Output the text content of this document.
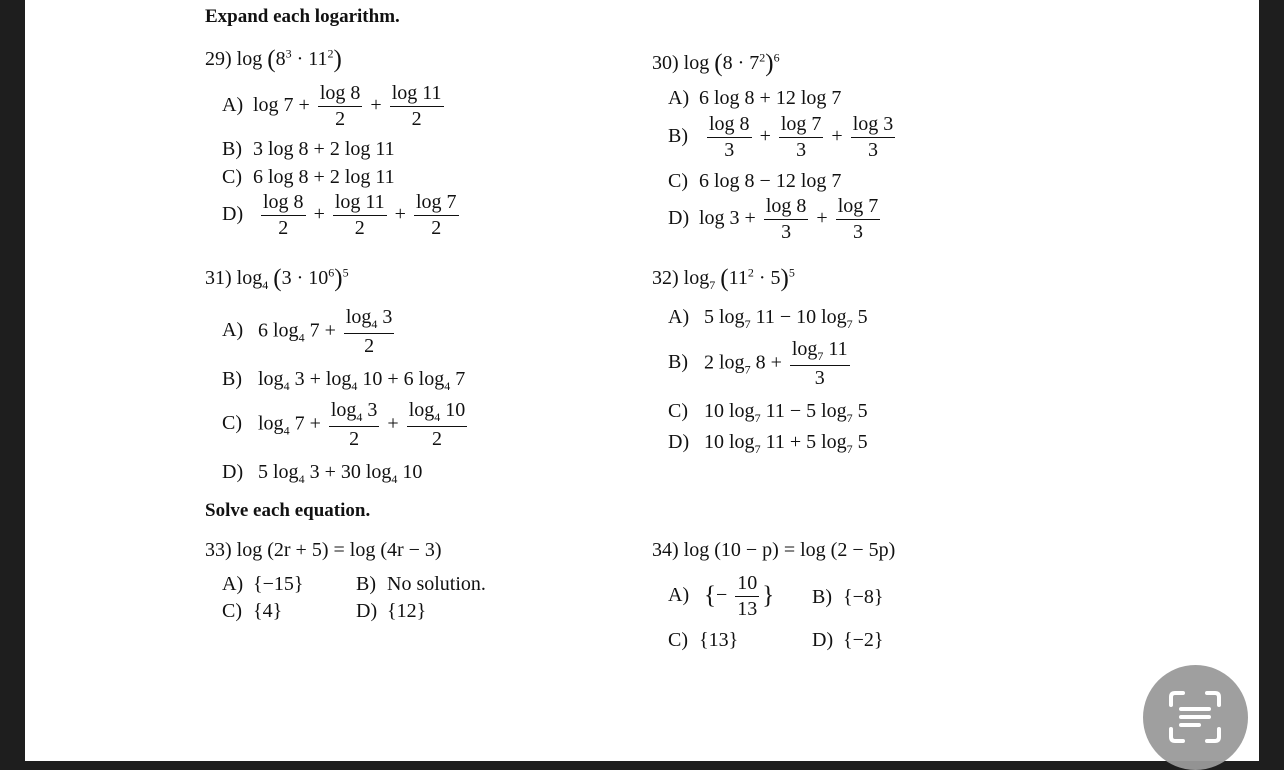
Expand each logarithm.
29) $\log (8^3 \cdot 11^2)$
A) $\log 7 + \frac{\log 8}{2} + \frac{\log 11}{2}$
B) 3 log 8 + 2 log 11
C) 6 log 8 + 2 log 11
$D) \frac{\log 8}{2} + \frac{\log 11}{2} + \frac{\log 7}{2}$
30) $\log (8 \cdot 7^2)^6$
A) 6 log 8 + 12 log 7
$B) \frac{\log 8}{3} + \frac{\log 7}{3} + \frac{\log 3}{3}$
C) 6 log 8 − 12 log 7
D) $\log 3 + \frac{\log 8}{3} + \frac{\log 7}{3}$
31) $\log_4 (3 \cdot 10^6)^5$
A) 6 $\log_4 7 + \frac{\log_4 3}{2}$
B) $\log_4 3 + \log_4 10 + 6$ $\log_4 7$
C) $\log_4 7 + \frac{\log_4 3}{2} + \frac{\log_4 10}{2}$
D) 5 $\log_4 3 + 30$ $\log_4 10$
32) $\log_7 (11^2 \cdot 5)^5$
A) 5 $\log_7 11 - 10$ $\log_7 5$
B) 2 $\log_7 8 + \frac{\log_7 11}{3}$
C) 10 $\log_7 11 - 5$ $\log_7 5$
D) 10 $\log_7 11 + 5$ $\log_7 5$
Solve each equation.
33) log (2r + 5) = log (4r − 3)
A) {−15}	B) No solution.
C) {4}	D) {12}
34) log (10 − p) = log (2 − 5p)
A) {− $\frac{10}{13}$ } B) {−8}
C) {13}	D) {−2}
